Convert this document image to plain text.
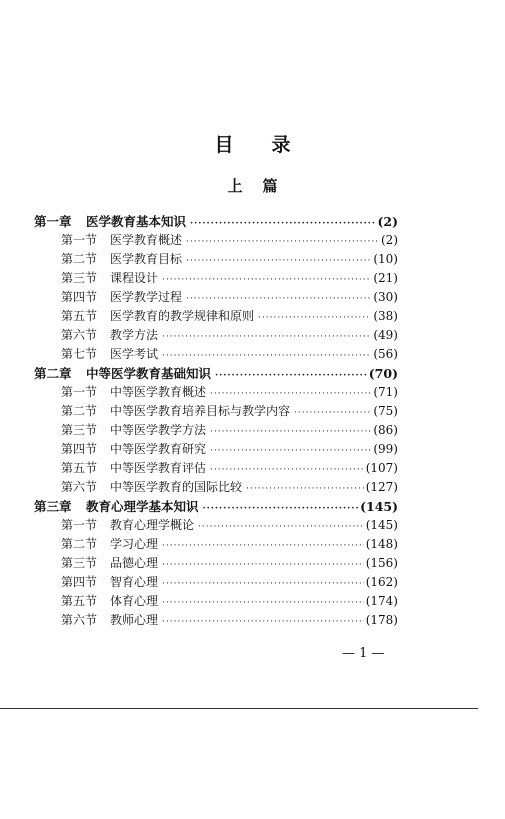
目录
上篇
第一章	医学教育基本知识 ·····	(2)
第一节	医学教育概述 ·····	(2)
第二节	医学教育目标 ·····	(10)
第三节	课程设计 ·····	(21)
第四节	医学教学过程 ·····	(30)
第五节	医学教育的教学规律和原则 ·····	(38)
第六节	教学方法 ·····	(49)
第七节	医学考试 ·····	(56)
第二章	中等医学教育基础知识 ·····	(70)
第一节	中等医学教育概述 ·····	(71)
第二节	中等医学教育培养目标与教学内容 ·····	(75)
第三节	中等医学教学方法 ·····	(86)
第四节	中等医学教育研究 ·····	(99)
第五节	中等医学教育评估 ·····	(107)
第六节	中等医学教育的国际比较 ·····	(127)
第三章	教育心理学基本知识 ·····	(145)
第一节	教育心理学概论 ·····	(145)
第二节	学习心理 ·····	(148)
第三节	品德心理 ·····	(156)
第四节	智育心理 ·····	(162)
第五节	体育心理 ·····	(174)
第六节	教师心理 ·····	(178)
— 1 —
